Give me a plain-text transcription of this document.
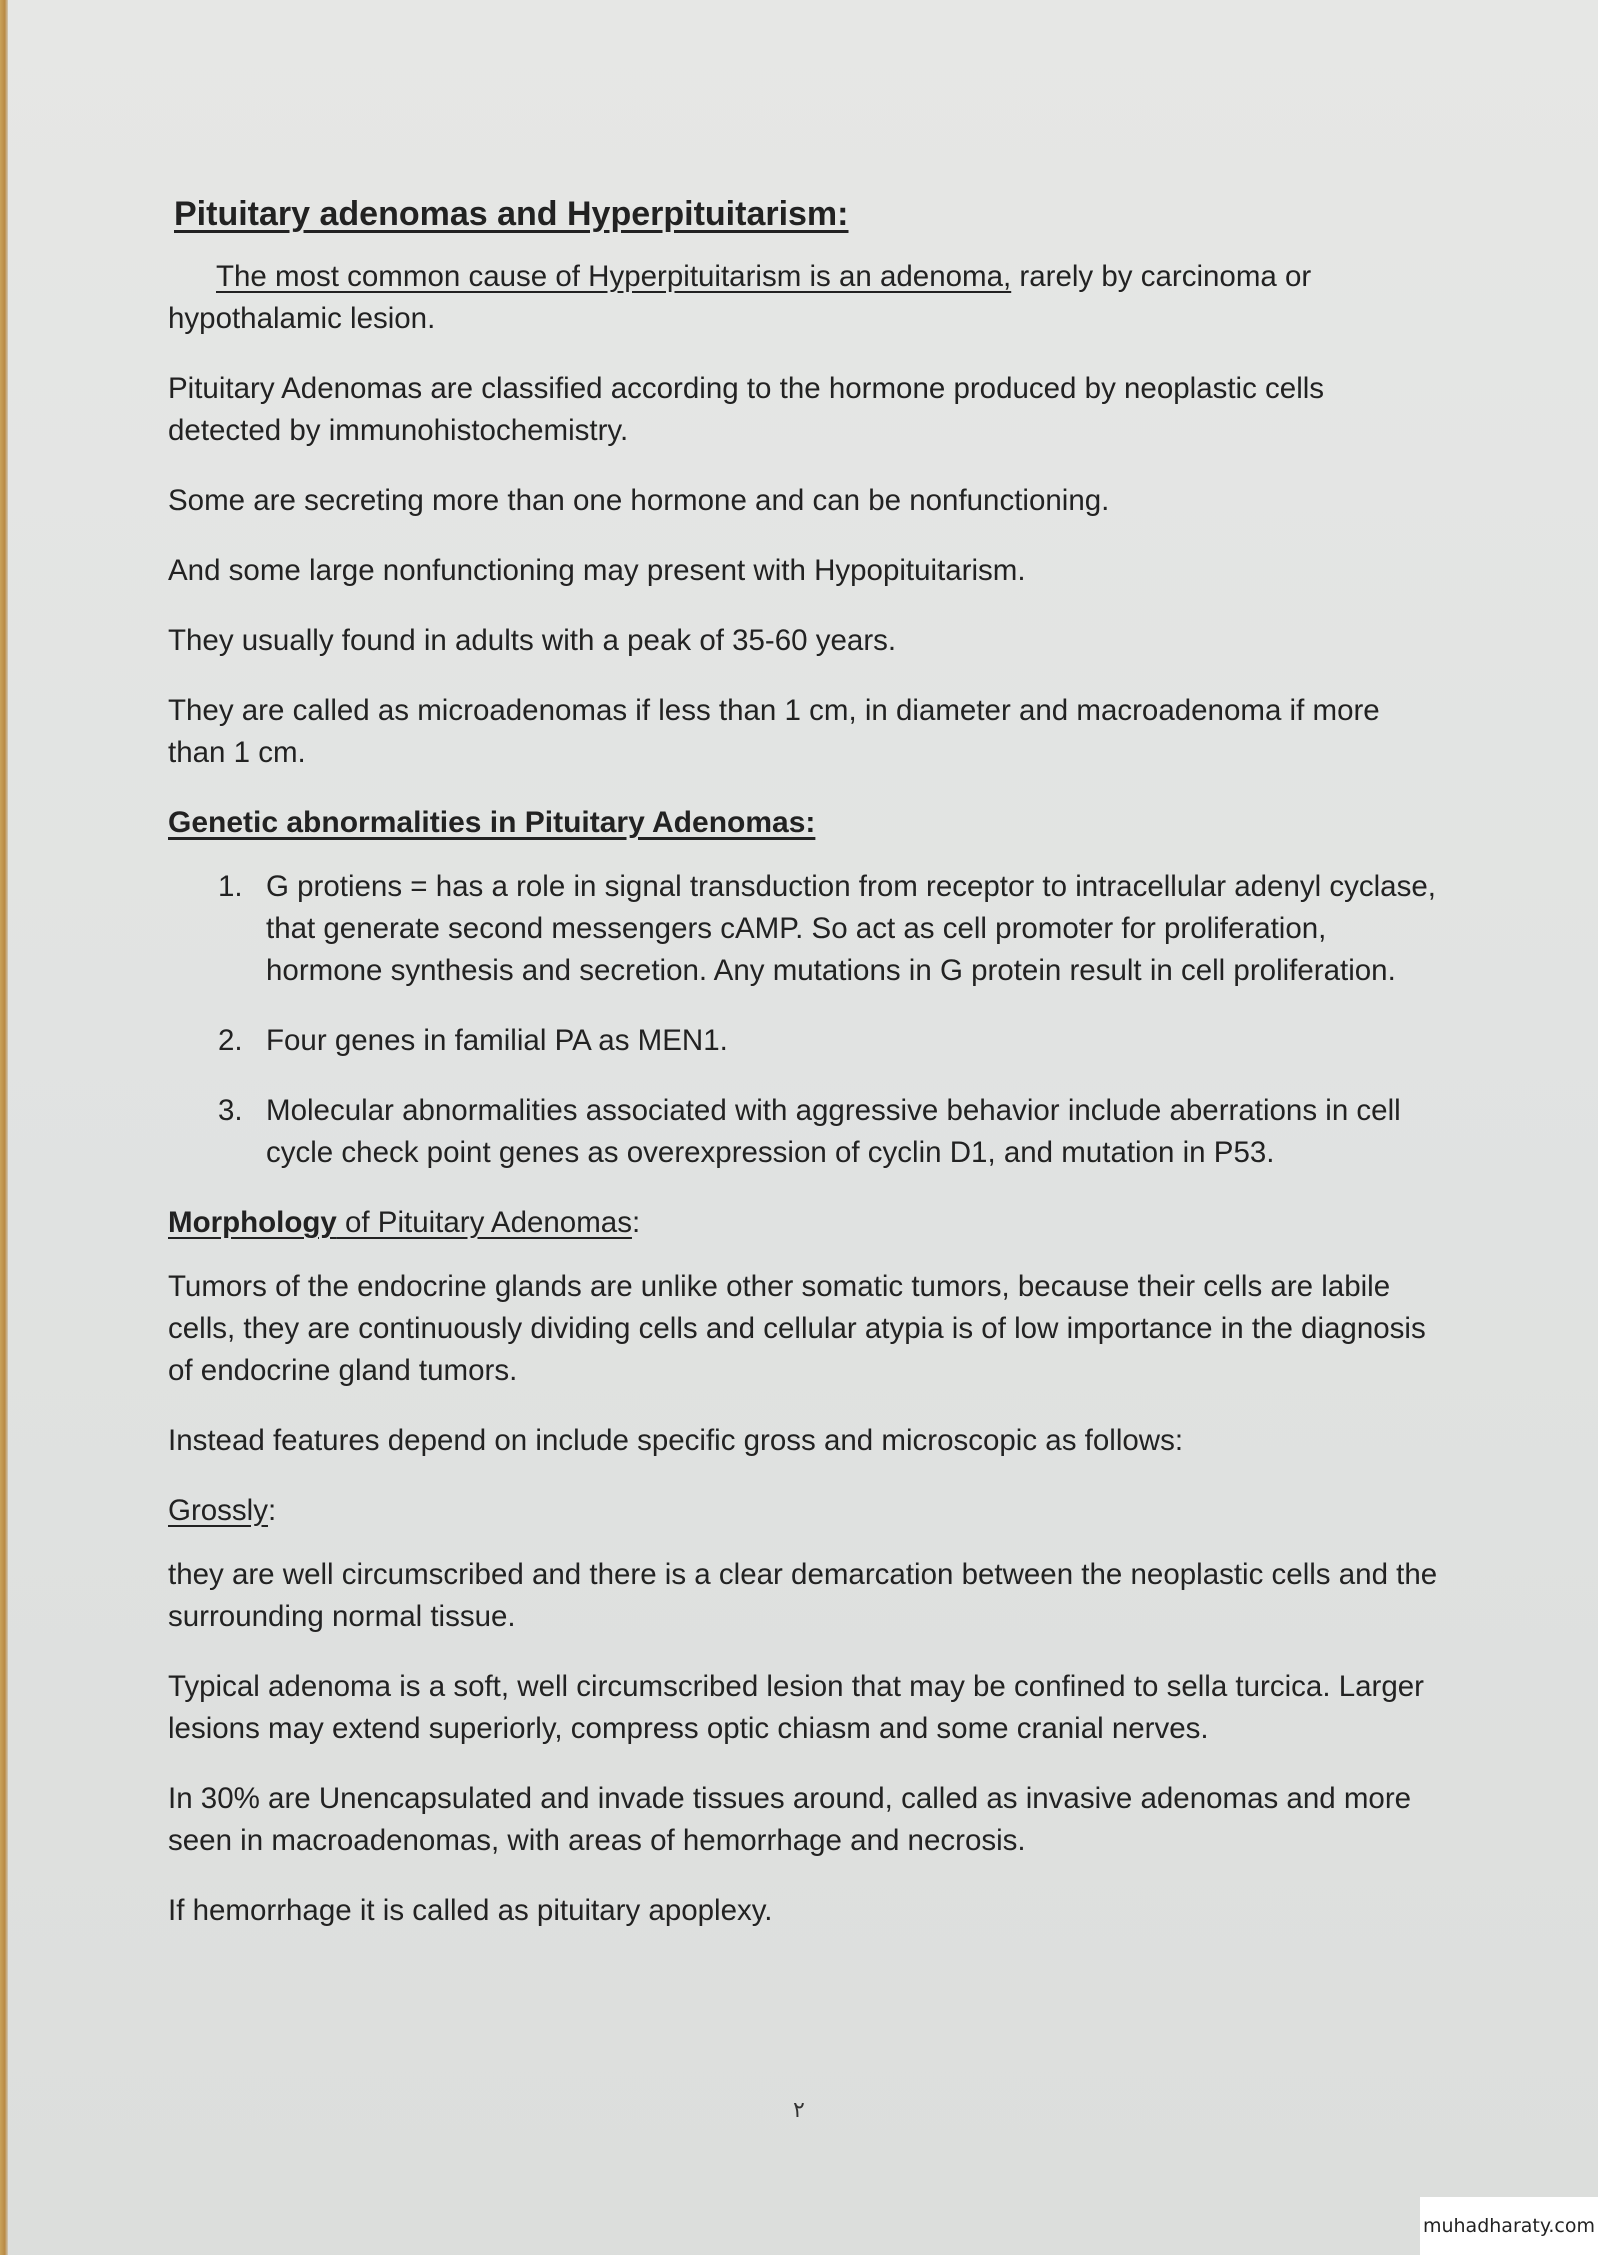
Pituitary adenomas and Hyperpituitarism:

The most common cause of Hyperpituitarism is an adenoma, rarely by carcinoma or hypothalamic lesion.

Pituitary Adenomas are classified according to the hormone produced by neoplastic cells detected by immunohistochemistry.

Some are secreting more than one hormone and can be nonfunctioning.

And some large nonfunctioning may present with Hypopituitarism.

They usually found in adults with a peak of 35-60 years.

They are called as microadenomas if less than 1 cm, in diameter and macroadenoma if more than 1 cm.

Genetic abnormalities in Pituitary Adenomas:
1. G protiens = has a role in signal transduction from receptor to intracellular adenyl cyclase, that generate second messengers cAMP. So act as cell promoter for proliferation, hormone synthesis and secretion. Any mutations in G protein result in cell proliferation.
2. Four genes in familial PA as MEN1.
3. Molecular abnormalities associated with aggressive behavior include aberrations in cell cycle check point genes as overexpression of cyclin D1, and mutation in P53.
Morphology of Pituitary Adenomas:

Tumors of the endocrine glands are unlike other somatic tumors, because their cells are labile cells, they are continuously dividing cells and cellular atypia is of low importance in the diagnosis of endocrine gland tumors.

Instead features depend on include specific gross and microscopic as follows:

Grossly:

they are well circumscribed and there is a clear demarcation between the neoplastic cells and the surrounding normal tissue.

Typical adenoma is a soft, well circumscribed lesion that may be confined to sella turcica. Larger lesions may extend superiorly, compress optic chiasm and some cranial nerves.

In 30% are Unencapsulated and invade tissues around, called as invasive adenomas and more seen in macroadenomas, with areas of hemorrhage and necrosis.

If hemorrhage it is called as pituitary apoplexy.

٢
muhadharaty.com
